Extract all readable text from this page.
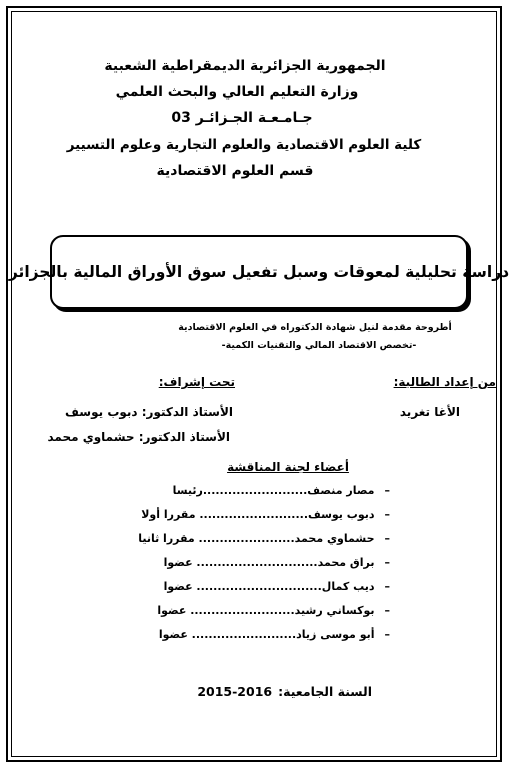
الجمهورية الجزائرية الديمقراطية الشعبية
وزارة التعليم العالي والبحث العلمي
جـامـعـة الجـزائـر 03
كلية العلوم الاقتصادية والعلوم التجارية وعلوم التسيير
قسم العلوم الاقتصادية
دراسة تحليلية لمعوقات وسبل تفعيل سوق الأوراق المالية بالجزائر
أطروحة مقدمة لنيل شهادة الدكتوراه في العلوم الاقتصادية
-تخصص الاقتصاد المالي والتقنيات الكمية-
من إعداد الطالبة:
تحت إشراف:
الأغا تغريد
الأستاذ الدكتور: دبوب يوسف
الأستاذ الدكتور: حشماوي محمد
أعضاء لجنة المناقشة
–مصار منصف.........................رئيسا
–دبوب يوسف.......................... مقررا أولا
–حشماوي محمد....................... مقررا ثانيا
–براق محمد............................. عضوا
–ديب كمال.............................. عضوا
–بوكساني رشيد......................... عضوا
–أبو موسى زياد......................... عضوا
السنة الجامعية:2015-2016
